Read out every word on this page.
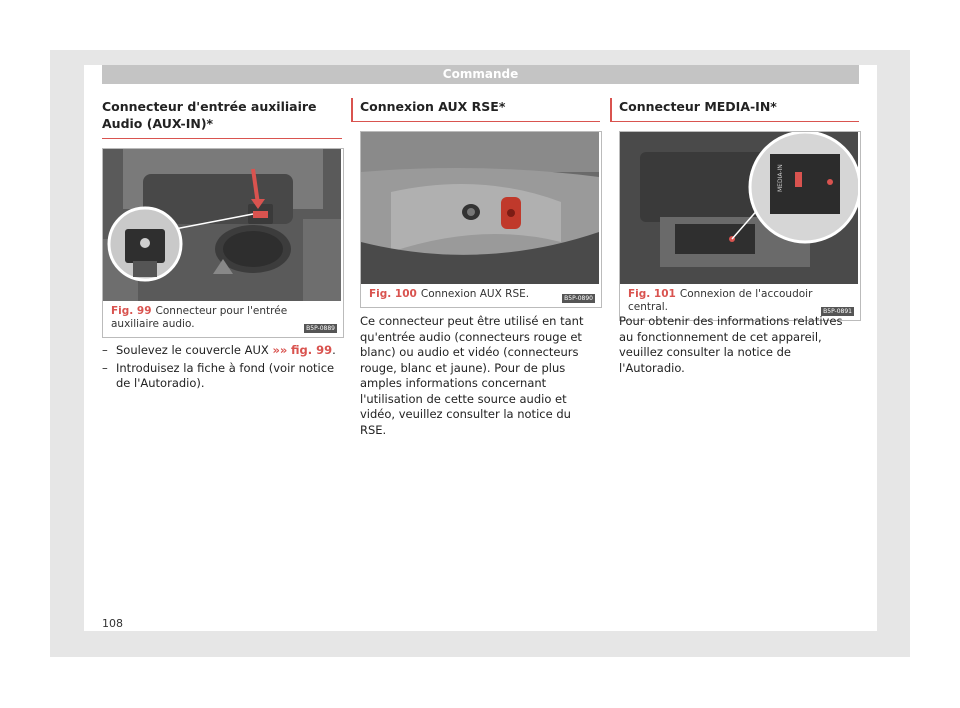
Commande
Connecteur d'entrée auxiliaire Audio (AUX-IN)*
B5P-0889
Fig. 99 Connecteur pour l'entrée auxiliaire audio.
– Soulevez le couvercle AUX »» fig. 99.
– Introduisez la fiche à fond (voir notice de l'Autoradio).
Connexion AUX RSE*
B5P-0890
Fig. 100 Connexion AUX RSE.
Ce connecteur peut être utilisé en tant qu'entrée audio (connecteurs rouge et blanc) ou audio et vidéo (connecteurs rouge, blanc et jaune). Pour de plus amples informations concernant l'utilisation de cette source audio et vidéo, veuillez consulter la notice du RSE.
Connecteur MEDIA-IN*
MEDIA-IN
B5P-0891
Fig. 101 Connexion de l'accoudoir central.
Pour obtenir des informations relatives au fonctionnement de cet appareil, veuillez consulter la notice de l'Autoradio.
108
